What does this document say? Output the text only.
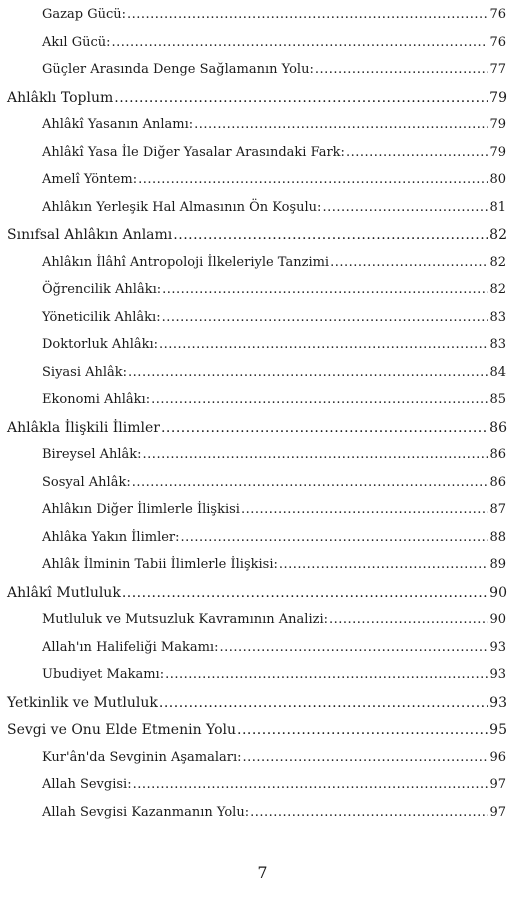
Gazap Gücü: .....	76
Akıl Gücü: .....	76
Güçler Arasında Denge Sağlamanın Yolu: .....	77
Ahlâklı Toplum .....	79
Ahlâkî Yasanın Anlamı: .....	79
Ahlâkî Yasa İle Diğer Yasalar Arasındaki Fark: .....	79
Amelî Yöntem: .....	80
Ahlâkın Yerleşik Hal Almasının Ön Koşulu: .....	81
Sınıfsal Ahlâkın Anlamı .....	82
Ahlâkın İlâhî Antropoloji İlkeleriyle Tanzimi .....	82
Öğrencilik Ahlâkı: .....	82
Yöneticilik Ahlâkı: .....	83
Doktorluk Ahlâkı: .....	83
Siyasi Ahlâk: .....	84
Ekonomi Ahlâkı: .....	85
Ahlâkla İlişkili İlimler .....	86
Bireysel Ahlâk: .....	86
Sosyal Ahlâk: .....	86
Ahlâkın Diğer İlimlerle İlişkisi .....	87
Ahlâka Yakın İlimler: .....	88
Ahlâk İlminin Tabii İlimlerle İlişkisi: .....	89
Ahlâkî Mutluluk .....	90
Mutluluk ve Mutsuzluk Kavramının Analizi: .....	90
Allah'ın Halifeliği Makamı: .....	93
Ubudiyet Makamı: .....	93
Yetkinlik ve Mutluluk .....	93
Sevgi ve Onu Elde Etmenin Yolu .....	95
Kur'ân'da Sevginin Aşamaları: .....	96
Allah Sevgisi: .....	97
Allah Sevgisi Kazanmanın Yolu: .....	97
7
